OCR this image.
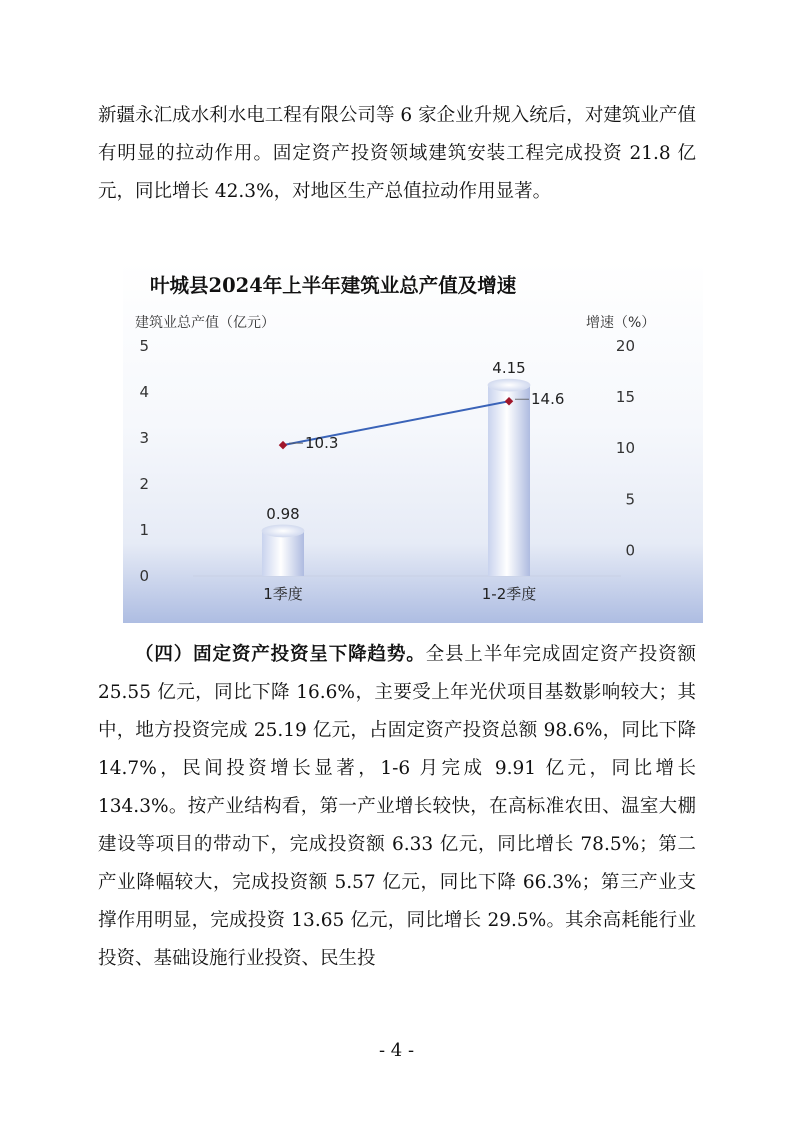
新疆永汇成水利水电工程有限公司等 6 家企业升规入统后，对建筑业产值有明显的拉动作用。固定资产投资领域建筑安装工程完成投资 21.8 亿元，同比增长 42.3%，对地区生产总值拉动作用显著。

叶城县2024年上半年建筑业总产值及增速
建筑业总产值（亿元）	增速（%）
0
1
2
3
4
5
0
5
10
15
20
0.98
4.15
1季度	1-2季度
10.3
14.6

（四）固定资产投资呈下降趋势。全县上半年完成固定资产投资额 25.55 亿元，同比下降 16.6%，主要受上年光伏项目基数影响较大；其中，地方投资完成 25.19 亿元，占固定资产投资总额 98.6%，同比下降 14.7%，民间投资增长显著，1-6 月完成 9.91 亿元，同比增长 134.3%。按产业结构看，第一产业增长较快，在高标准农田、温室大棚建设等项目的带动下，完成投资额 6.33 亿元，同比增长 78.5%；第二产业降幅较大，完成投资额 5.57 亿元，同比下降 66.3%；第三产业支撑作用明显，完成投资 13.65 亿元，同比增长 29.5%。其余高耗能行业投资、基础设施行业投资、民生投

- 4 -
